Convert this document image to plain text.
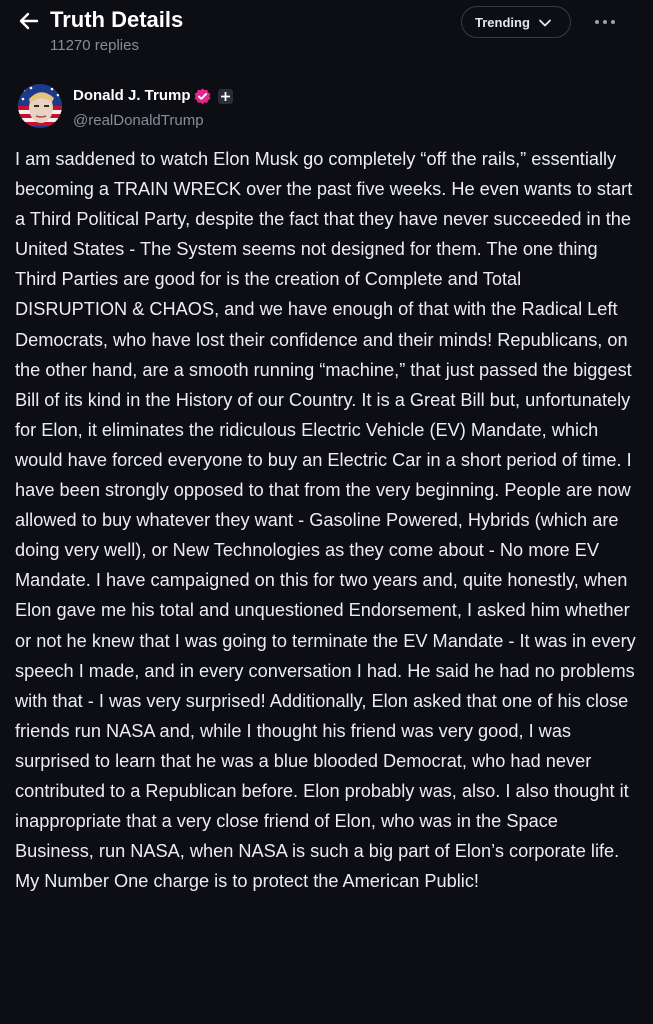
Truth Details
11270 replies
Trending
Donald J. Trump
@realDonaldTrump

I am saddened to watch Elon Musk go completely “off the rails,” essentially becoming a TRAIN WRECK over the past five weeks. He even wants to start a Third Political Party, despite the fact that they have never succeeded in the United States - The System seems not designed for them. The one thing Third Parties are good for is the creation of Complete and Total DISRUPTION & CHAOS, and we have enough of that with the Radical Left Democrats, who have lost their confidence and their minds! Republicans, on the other hand, are a smooth running “machine,” that just passed the biggest Bill of its kind in the History of our Country. It is a Great Bill but, unfortunately for Elon, it eliminates the ridiculous Electric Vehicle (EV) Mandate, which would have forced everyone to buy an Electric Car in a short period of time. I have been strongly opposed to that from the very beginning. People are now allowed to buy whatever they want - Gasoline Powered, Hybrids (which are doing very well), or New Technologies as they come about - No more EV Mandate. I have campaigned on this for two years and, quite honestly, when Elon gave me his total and unquestioned Endorsement, I asked him whether or not he knew that I was going to terminate the EV Mandate - It was in every speech I made, and in every conversation I had. He said he had no problems with that - I was very surprised! Additionally, Elon asked that one of his close friends run NASA and, while I thought his friend was very good, I was surprised to learn that he was a blue blooded Democrat, who had never contributed to a Republican before. Elon probably was, also. I also thought it inappropriate that a very close friend of Elon, who was in the Space Business, run NASA, when NASA is such a big part of Elon’s corporate life. My Number One charge is to protect the American Public!
